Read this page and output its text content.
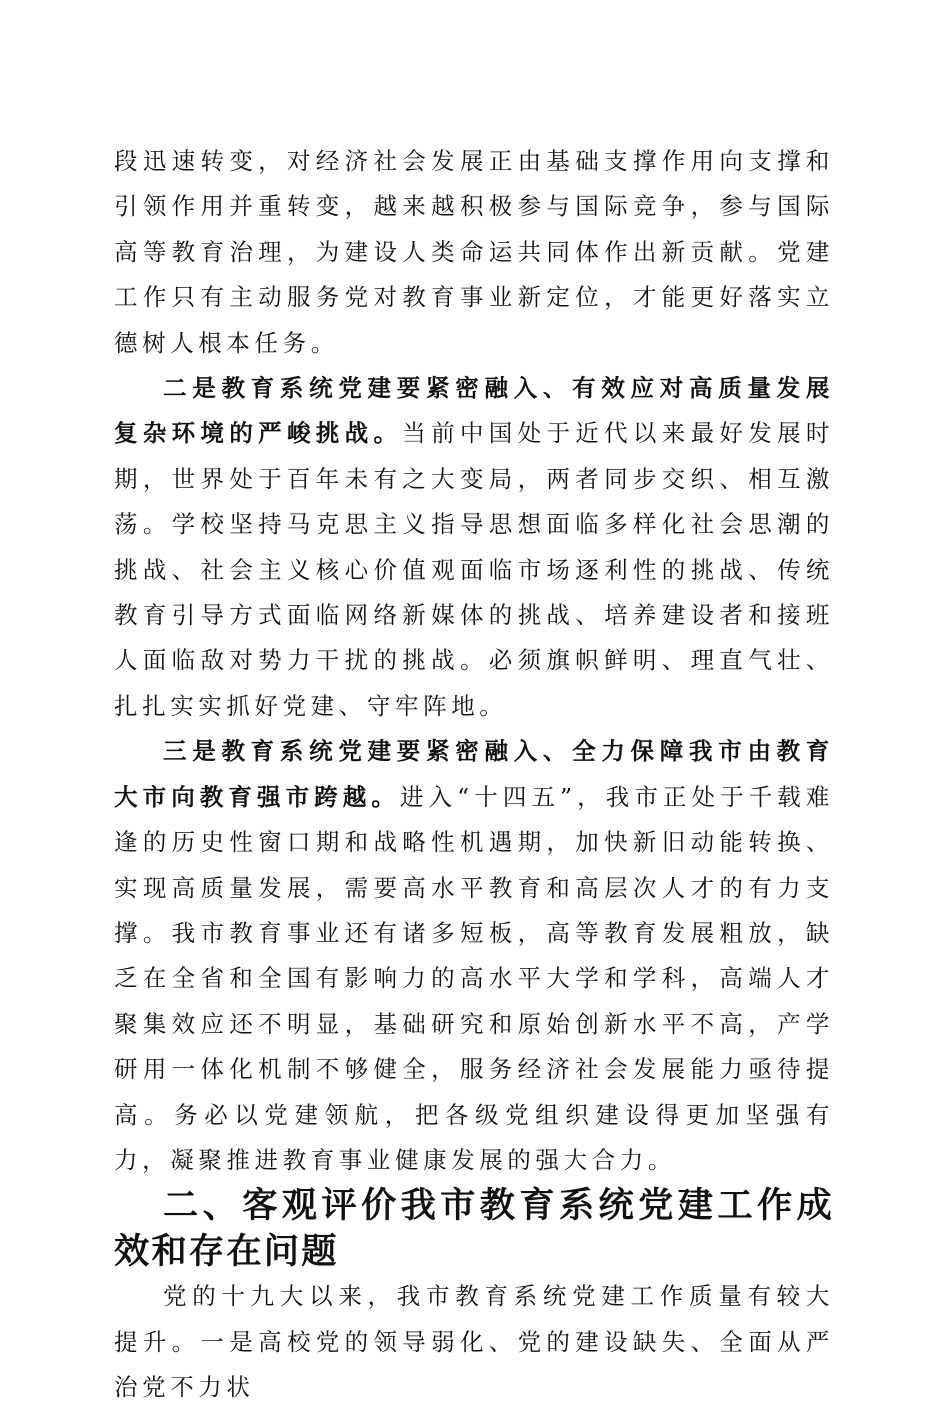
段迅速转变，对经济社会发展正由基础支撑作用向支撑和引领作用并重转变，越来越积极参与国际竞争，参与国际高等教育治理，为建设人类命运共同体作出新贡献。党建工作只有主动服务党对教育事业新定位，才能更好落实立德树人根本任务。

二是教育系统党建要紧密融入、有效应对高质量发展复杂环境的严峻挑战。当前中国处于近代以来最好发展时期，世界处于百年未有之大变局，两者同步交织、相互激荡。学校坚持马克思主义指导思想面临多样化社会思潮的挑战、社会主义核心价值观面临市场逐利性的挑战、传统教育引导方式面临网络新媒体的挑战、培养建设者和接班人面临敌对势力干扰的挑战。必须旗帜鲜明、理直气壮、扎扎实实抓好党建、守牢阵地。

三是教育系统党建要紧密融入、全力保障我市由教育大市向教育强市跨越。进入“十四五”，我市正处于千载难逢的历史性窗口期和战略性机遇期，加快新旧动能转换、实现高质量发展，需要高水平教育和高层次人才的有力支撑。我市教育事业还有诸多短板，高等教育发展粗放，缺乏在全省和全国有影响力的高水平大学和学科，高端人才聚集效应还不明显，基础研究和原始创新水平不高，产学研用一体化机制不够健全，服务经济社会发展能力亟待提高。务必以党建领航，把各级党组织建设得更加坚强有力，凝聚推进教育事业健康发展的强大合力。

二、客观评价我市教育系统党建工作成效和存在问题

党的十九大以来，我市教育系统党建工作质量有较大提升。一是高校党的领导弱化、党的建设缺失、全面从严治党不力状
